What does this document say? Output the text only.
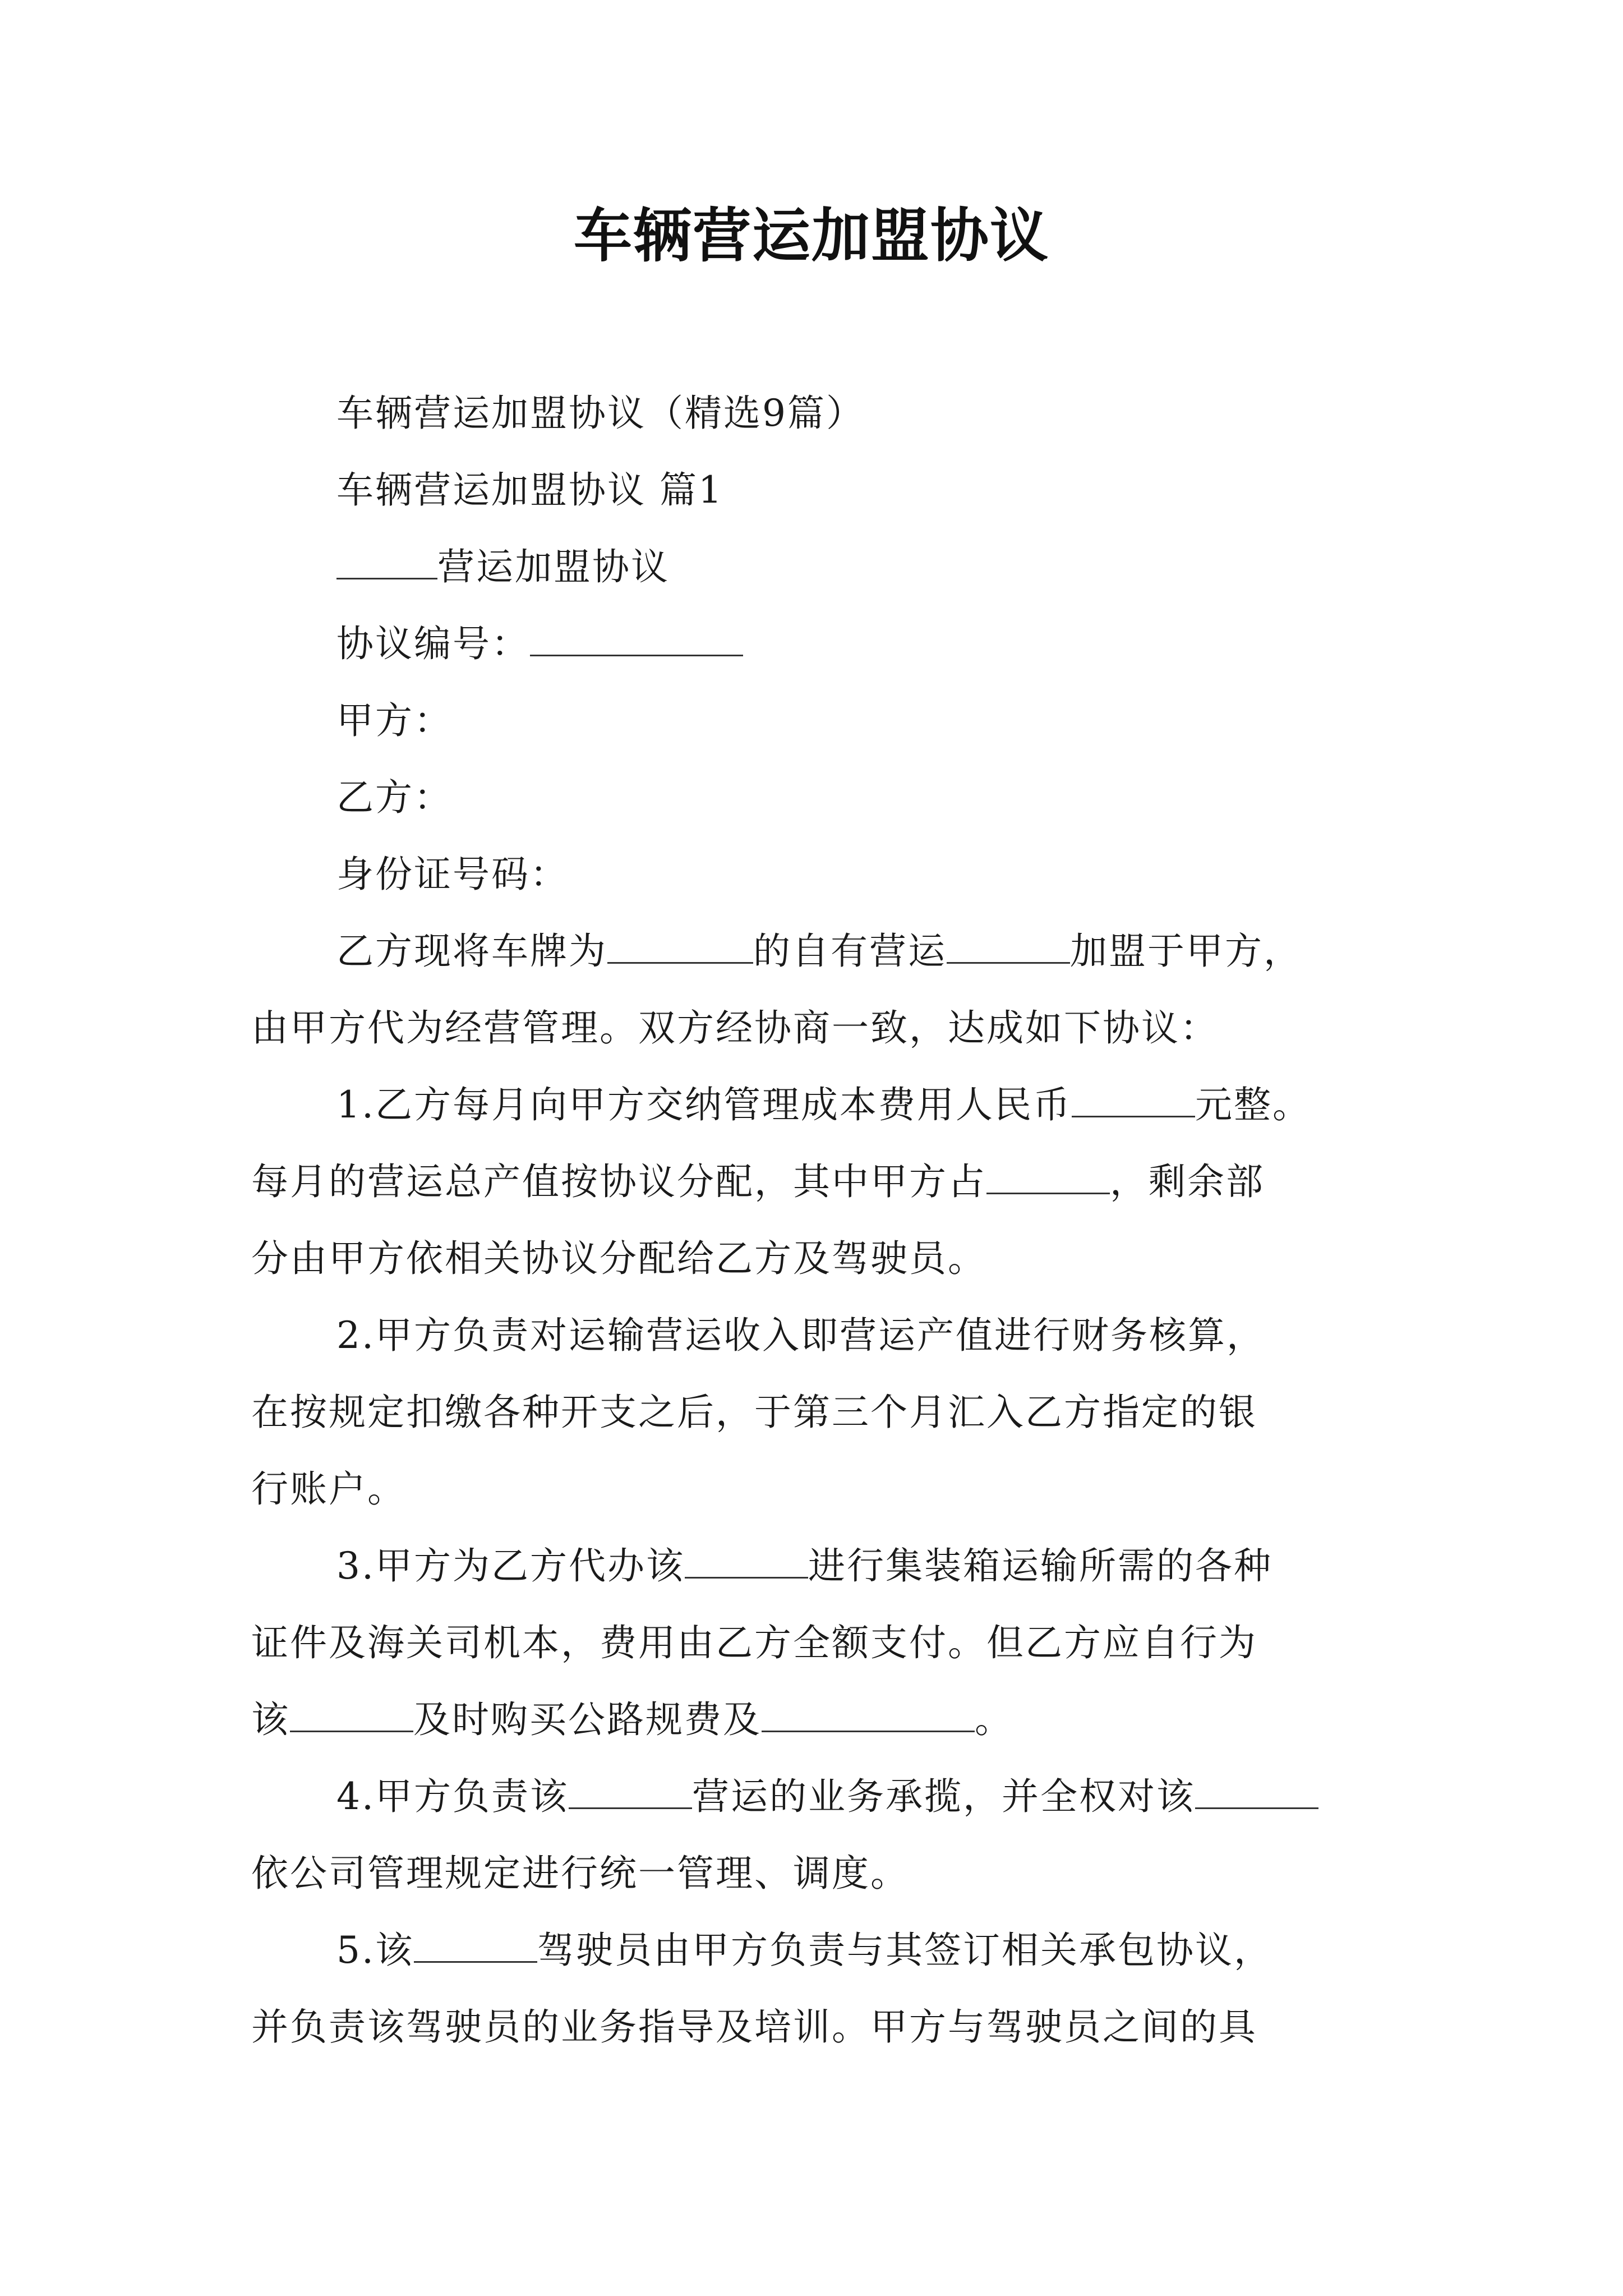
车辆营运加盟协议
车辆营运加盟协议（精选9篇）
车辆营运加盟协议 篇1
营运加盟协议
协议编号：
甲方：
乙方：
身份证号码：
乙方现将车牌为	的自有营运	加盟于甲方，
由甲方代为经营管理。双方经协商一致，达成如下协议：
1.乙方每月向甲方交纳管理成本费用人民币	元整。
每月的营运总产值按协议分配，其中甲方占	，剩余部
分由甲方依相关协议分配给乙方及驾驶员。
2.甲方负责对运输营运收入即营运产值进行财务核算，
在按规定扣缴各种开支之后，于第三个月汇入乙方指定的银
行账户。
3.甲方为乙方代办该	进行集装箱运输所需的各种
证件及海关司机本，费用由乙方全额支付。但乙方应自行为
该	及时购买公路规费及	。
4.甲方负责该	营运的业务承揽，并全权对该
依公司管理规定进行统一管理、调度。
5.该	驾驶员由甲方负责与其签订相关承包协议，
并负责该驾驶员的业务指导及培训。甲方与驾驶员之间的具
